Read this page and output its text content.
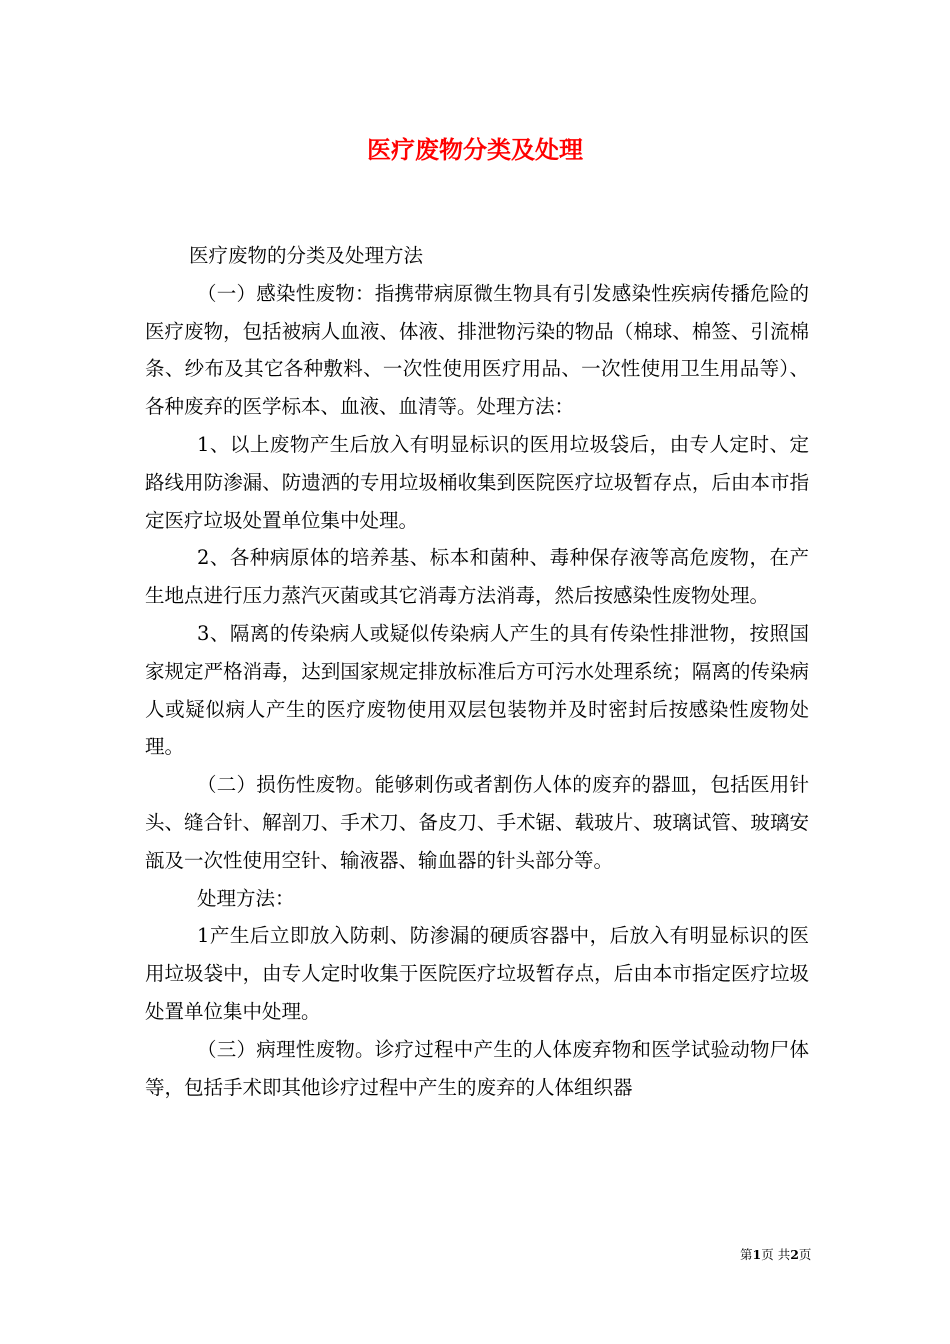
医疗废物分类及处理

医疗废物的分类及处理方法

（一）感染性废物：指携带病原微生物具有引发感染性疾病传播危险的医疗废物，包括被病人血液、体液、排泄物污染的物品（棉球、棉签、引流棉条、纱布及其它各种敷料、一次性使用医疗用品、一次性使用卫生用品等）、各种废弃的医学标本、血液、血清等。处理方法：

1、以上废物产生后放入有明显标识的医用垃圾袋后，由专人定时、定路线用防渗漏、防遗洒的专用垃圾桶收集到医院医疗垃圾暂存点，后由本市指定医疗垃圾处置单位集中处理。

2、各种病原体的培养基、标本和菌种、毒种保存液等高危废物，在产生地点进行压力蒸汽灭菌或其它消毒方法消毒，然后按感染性废物处理。

3、隔离的传染病人或疑似传染病人产生的具有传染性排泄物，按照国家规定严格消毒，达到国家规定排放标准后方可污水处理系统；隔离的传染病人或疑似病人产生的医疗废物使用双层包装物并及时密封后按感染性废物处理。

（二）损伤性废物。能够刺伤或者割伤人体的废弃的器皿，包括医用针头、缝合针、解剖刀、手术刀、备皮刀、手术锯、载玻片、玻璃试管、玻璃安瓿及一次性使用空针、输液器、输血器的针头部分等。

处理方法：

1产生后立即放入防刺、防渗漏的硬质容器中，后放入有明显标识的医用垃圾袋中，由专人定时收集于医院医疗垃圾暂存点，后由本市指定医疗垃圾处置单位集中处理。

（三）病理性废物。诊疗过程中产生的人体废弃物和医学试验动物尸体等，包括手术即其他诊疗过程中产生的废弃的人体组织器

第1页 共2页
